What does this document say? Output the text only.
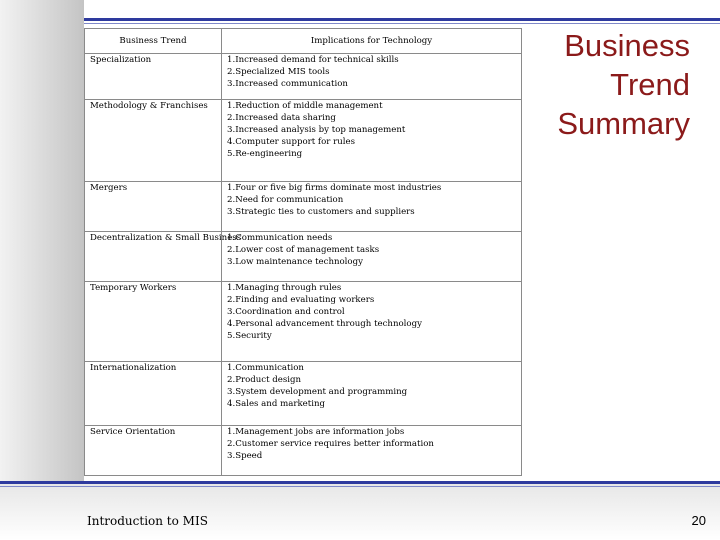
Business Trend	Implications for Technology
Specialization	1.Increased demand for technical skills
2.Specialized MIS tools
3.Increased communication

Methodology & Franchises	1.Reduction of middle management
2.Increased data sharing
3.Increased analysis by top management
4.Computer support for rules
5.Re-engineering

Mergers	1.Four or five big firms dominate most industries
2.Need for communication
3.Strategic ties to customers and suppliers

Decentralization & Small Business	1.Communication needs
2.Lower cost of management tasks
3.Low maintenance technology

Temporary Workers	1.Managing through rules
2.Finding and evaluating workers
3.Coordination and control
4.Personal advancement through technology
5.Security

Internationalization	1.Communication
2.Product design
3.System development and programming
4.Sales and marketing

Service Orientation	1.Management jobs are information jobs
2.Customer service requires better information
3.Speed
Business
Trend
Summary
Introduction to MIS	20
